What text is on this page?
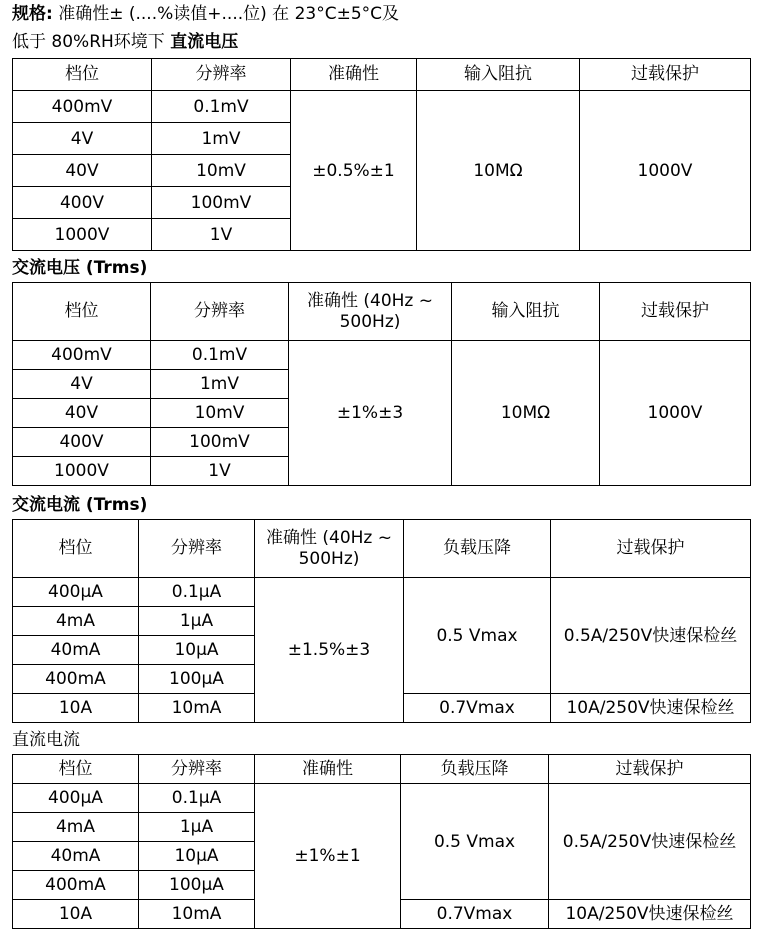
规格: 准确性± (....%读值+....位) 在 23°C±5°C及
低于 80%RH环境下 直流电压
档位	分辨率	准确性	输入阻抗	过载保护
400mV	0.1mV	±0.5%±1	10MΩ	1000V
4V	1mV			
40V	10mV			
400V	100mV			
1000V	1V			
交流电压 (Trms)
档位	分辨率	准确性 (40Hz ~ 500Hz)	输入阻抗	过载保护
400mV	0.1mV	±1%±3	10MΩ	1000V
4V	1mV			
40V	10mV			
400V	100mV			
1000V	1V			
交流电流 (Trms)
档位	分辨率	准确性 (40Hz ~ 500Hz)	负载压降	过载保护
400μA	0.1μA	±1.5%±3	0.5 Vmax	0.5A/250V快速保检丝
4mA	1μA			
40mA	10μA			
400mA	100μA			
10A	10mA		0.7Vmax	10A/250V快速保检丝
直流电流
档位	分辨率	准确性	负载压降	过载保护
400μA	0.1μA	±1%±1	0.5 Vmax	0.5A/250V快速保检丝
4mA	1μA			
40mA	10μA			
400mA	100μA			
10A	10mA		0.7Vmax	10A/250V快速保检丝
